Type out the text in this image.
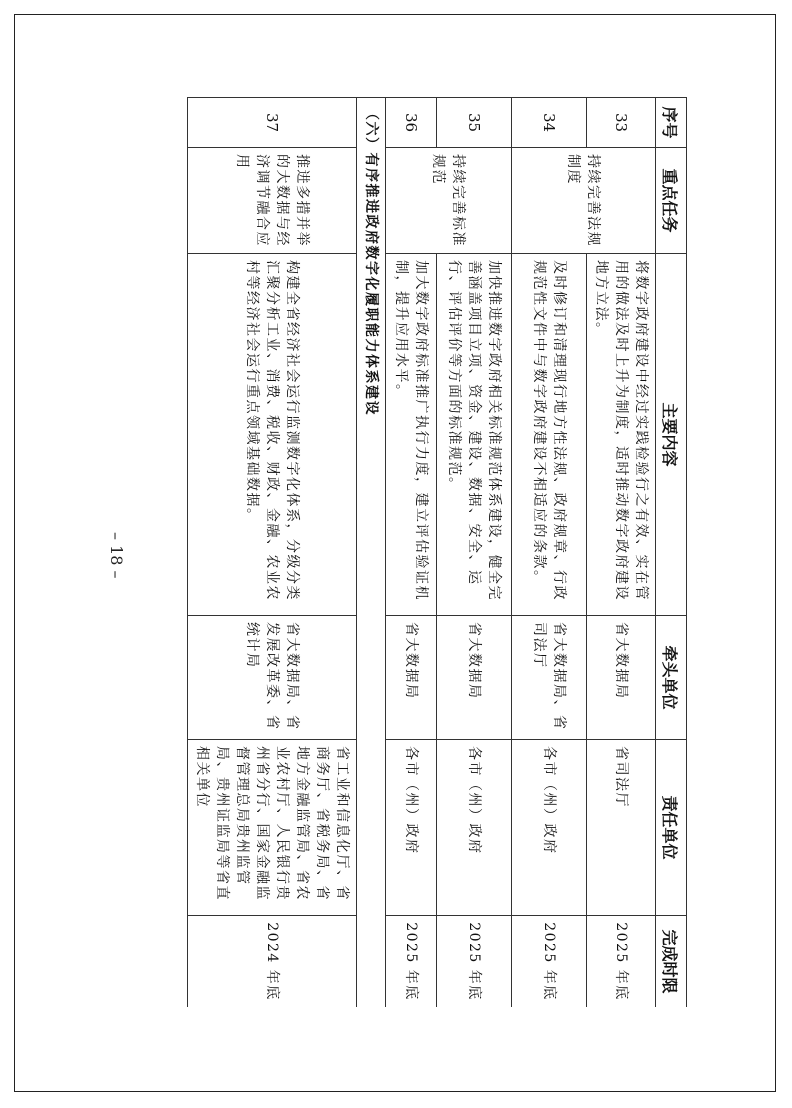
– 18 –
序号	重点任务	主要内容	牵头单位	责任单位	完成时限
33	持续完善法规制度	将数字政府建设中经过实践检验行之有效、实在管用的做法及时上升为制度，适时推动数字政府建设地方立法。	省大数据局	省司法厅	2025 年底
34		及时修订和清理现行地方性法规、政府规章、行政规范性文件中与数字政府建设不相适应的条款。	省大数据局、省司法厅	各市（州）政府	2025 年底
35	持续完善标准规范	加快推进数字政府相关标准规范体系建设，健全完善涵盖项目立项、资金、建设、数据、安全、运行、评估评价等方面的标准规范。	省大数据局	各市（州）政府	2025 年底
36		加大数字政府标准推广执行力度，建立评估验证机制，提升应用水平。	省大数据局	各市（州）政府	2025 年底
（六）有序推进政府数字化履职能力体系建设					
37	推进多措并举的大数据与经济调节融合应用	构建全省经济社会运行监测数字化体系，分级分类汇聚分析工业、消费、税收、财政、金融、农业农村等经济社会运行重点领域基础数据。	省大数据局、省发展改革委、省统计局	省工业和信息化厅、省商务厅、省税务局、省地方金融监管局、省农业农村厅、人民银行贵州省分行、国家金融监督管理总局贵州监管局、贵州证监局等省直相关单位	2024 年底
